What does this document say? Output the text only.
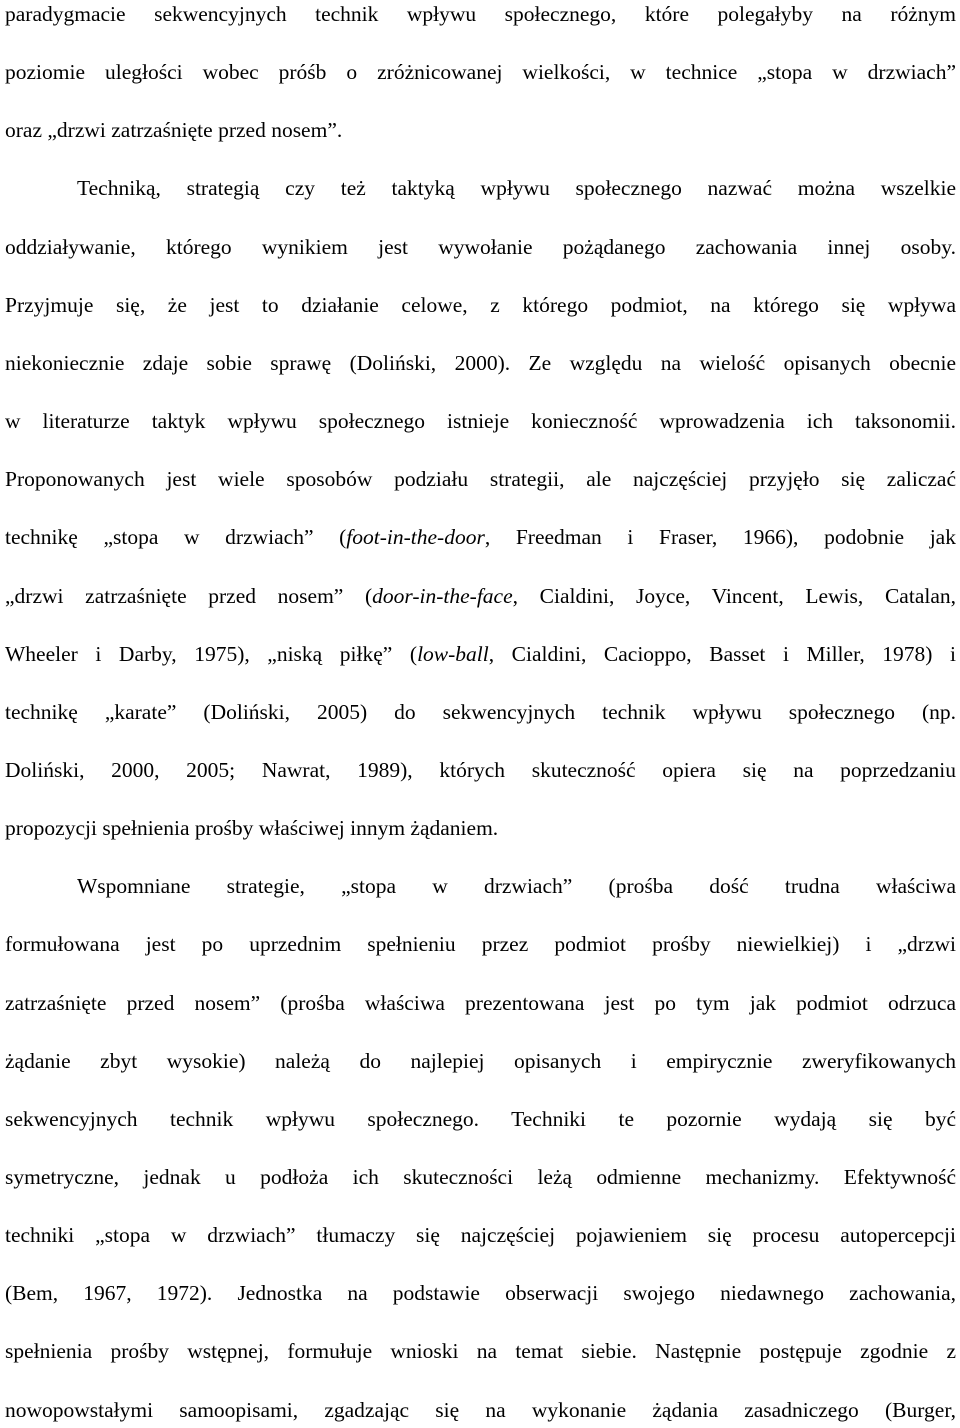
paradygmacie sekwencyjnych technik wpływu społecznego, które polegałyby na różnym
poziomie uległości wobec próśb o zróżnicowanej wielkości, w technice „stopa w drzwiach”
oraz „drzwi zatrzaśnięte przed nosem”.
Techniką, strategią czy też taktyką wpływu społecznego nazwać można wszelkie
oddziaływanie, którego wynikiem jest wywołanie pożądanego zachowania innej osoby.
Przyjmuje się, że jest to działanie celowe, z którego podmiot, na którego się wpływa
niekoniecznie zdaje sobie sprawę (Doliński, 2000). Ze względu na wielość opisanych obecnie
w literaturze taktyk wpływu społecznego istnieje konieczność wprowadzenia ich taksonomii.
Proponowanych jest wiele sposobów podziału strategii, ale najczęściej przyjęło się zaliczać
technikę „stopa w drzwiach” (foot-in-the-door, Freedman i Fraser, 1966), podobnie jak
„drzwi zatrzaśnięte przed nosem” (door-in-the-face, Cialdini, Joyce, Vincent, Lewis, Catalan,
Wheeler i Darby, 1975), „niską piłkę” (low-ball, Cialdini, Cacioppo, Basset i Miller, 1978) i
technikę „karate” (Doliński, 2005) do sekwencyjnych technik wpływu społecznego (np.
Doliński, 2000, 2005; Nawrat, 1989), których skuteczność opiera się na poprzedzaniu
propozycji spełnienia prośby właściwej innym żądaniem.
Wspomniane strategie, „stopa w drzwiach” (prośba dość trudna właściwa
formułowana jest po uprzednim spełnieniu przez podmiot prośby niewielkiej) i „drzwi
zatrzaśnięte przed nosem” (prośba właściwa prezentowana jest po tym jak podmiot odrzuca
żądanie zbyt wysokie) należą do najlepiej opisanych i empirycznie zweryfikowanych
sekwencyjnych technik wpływu społecznego. Techniki te pozornie wydają się być
symetryczne, jednak u podłoża ich skuteczności leżą odmienne mechanizmy. Efektywność
techniki „stopa w drzwiach” tłumaczy się najczęściej pojawieniem się procesu autopercepcji
(Bem, 1967, 1972). Jednostka na podstawie obserwacji swojego niedawnego zachowania,
spełnienia prośby wstępnej, formułuje wnioski na temat siebie. Następnie postępuje zgodnie z
nowopowstałymi samoopisami, zgadzając się na wykonanie żądania zasadniczego (Burger,
